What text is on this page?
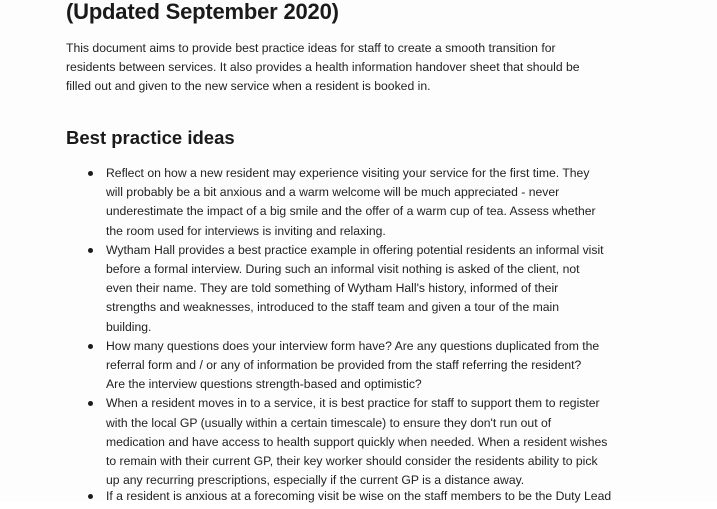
(Updated September 2020)
This document aims to provide best practice ideas for staff to create a smooth transition for
residents between services. It also provides a health information handover sheet that should be
filled out and given to the new service when a resident is booked in.
Best practice ideas
Reflect on how a new resident may experience visiting your service for the first time. They
will probably be a bit anxious and a warm welcome will be much appreciated - never
underestimate the impact of a big smile and the offer of a warm cup of tea. Assess whether
the room used for interviews is inviting and relaxing.
Wytham Hall provides a best practice example in offering potential residents an informal visit
before a formal interview. During such an informal visit nothing is asked of the client, not
even their name. They are told something of Wytham Hall's history, informed of their
strengths and weaknesses, introduced to the staff team and given a tour of the main
building.
How many questions does your interview form have? Are any questions duplicated from the
referral form and / or any of information be provided from the staff referring the resident?
Are the interview questions strength-based and optimistic?
When a resident moves in to a service, it is best practice for staff to support them to register
with the local GP (usually within a certain timescale) to ensure they don't run out of
medication and have access to health support quickly when needed. When a resident wishes
to remain with their current GP, their key worker should consider the residents ability to pick
up any recurring prescriptions, especially if the current GP is a distance away.
If a resident is anxious at a forecoming visit be wise on the staff members to be the Duty Lead
